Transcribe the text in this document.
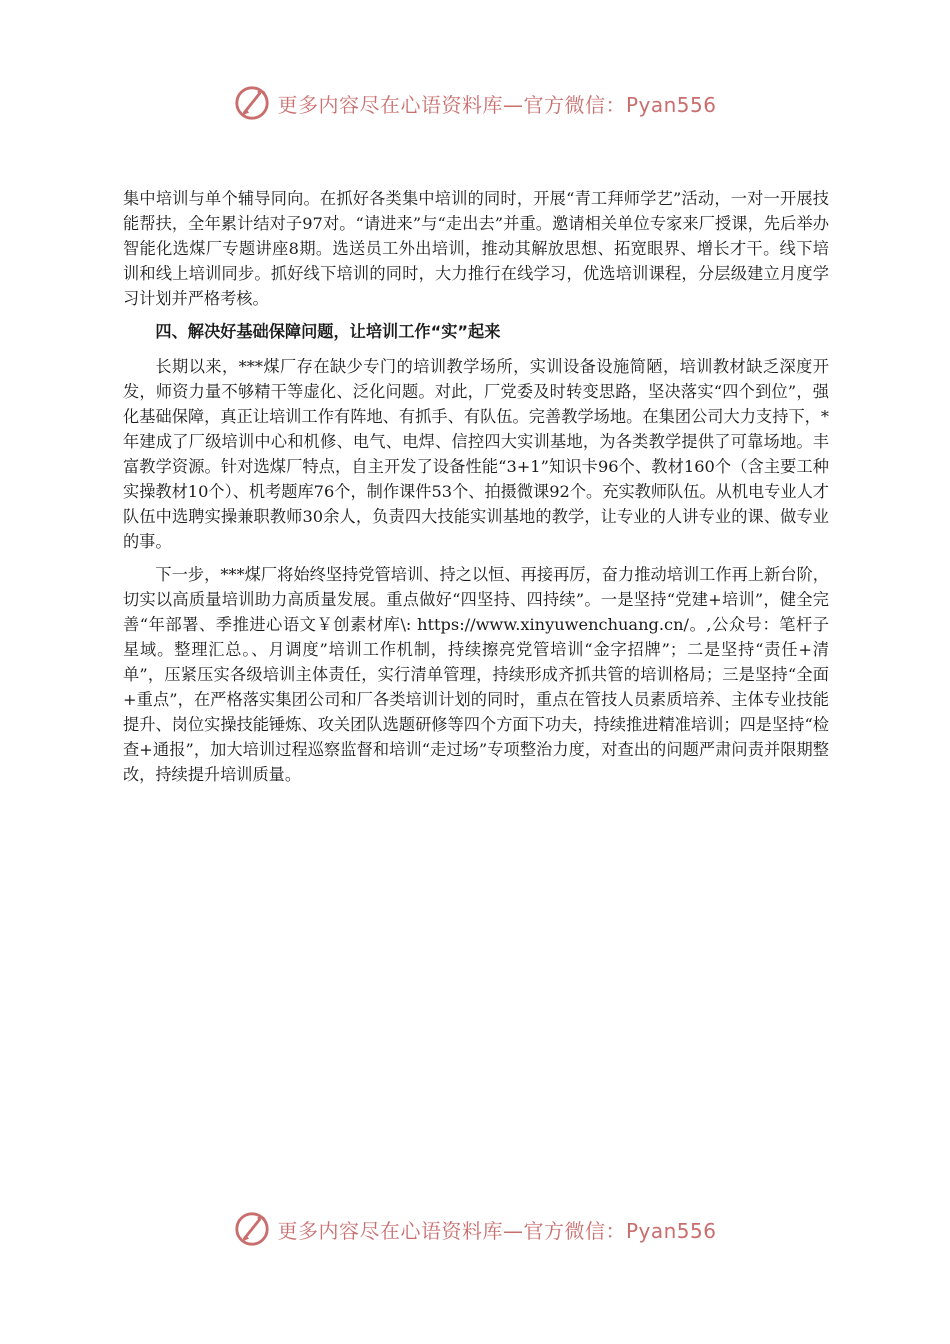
更多内容尽在心语资料库—官方微信：Pyan556

集中培训与单个辅导同向。在抓好各类集中培训的同时，开展“青工拜师学艺”活动，一对一开展技能帮扶，全年累计结对子97对。“请进来”与“走出去”并重。邀请相关单位专家来厂授课，先后举办智能化选煤厂专题讲座8期。选送员工外出培训，推动其解放思想、拓宽眼界、增长才干。线下培训和线上培训同步。抓好线下培训的同时，大力推行在线学习，优选培训课程，分层级建立月度学习计划并严格考核。

四、解决好基础保障问题，让培训工作“实”起来

长期以来，***煤厂存在缺少专门的培训教学场所，实训设备设施简陋，培训教材缺乏深度开发，师资力量不够精干等虚化、泛化问题。对此，厂党委及时转变思路，坚决落实“四个到位”，强化基础保障，真正让培训工作有阵地、有抓手、有队伍。完善教学场地。在集团公司大力支持下，*年建成了厂级培训中心和机修、电气、电焊、信控四大实训基地，为各类教学提供了可靠场地。丰富教学资源。针对选煤厂特点，自主开发了设备性能“3+1”知识卡96个、教材160个（含主要工种实操教材10个）、机考题库76个，制作课件53个、拍摄微课92个。充实教师队伍。从机电专业人才队伍中选聘实操兼职教师30余人，负责四大技能实训基地的教学，让专业的人讲专业的课、做专业的事。

下一步，***煤厂将始终坚持党管培训、持之以恒、再接再厉，奋力推动培训工作再上新台阶，切实以高质量培训助力高质量发展。重点做好“四坚持、四持续”。一是坚持“党建+培训”，健全完善“年部署、季推进心语文￥创素材库\: https://www.xinyuwenchuang.cn/。,公众号：笔杆子星域。整理汇总。、月调度”培训工作机制，持续擦亮党管培训“金字招牌”；二是坚持“责任+清单”，压紧压实各级培训主体责任，实行清单管理，持续形成齐抓共管的培训格局；三是坚持“全面+重点”，在严格落实集团公司和厂各类培训计划的同时，重点在管技人员素质培养、主体专业技能提升、岗位实操技能锤炼、攻关团队选题研修等四个方面下功夫，持续推进精准培训；四是坚持“检查+通报”，加大培训过程巡察监督和培训“走过场”专项整治力度，对查出的问题严肃问责并限期整改，持续提升培训质量。

更多内容尽在心语资料库—官方微信：Pyan556
